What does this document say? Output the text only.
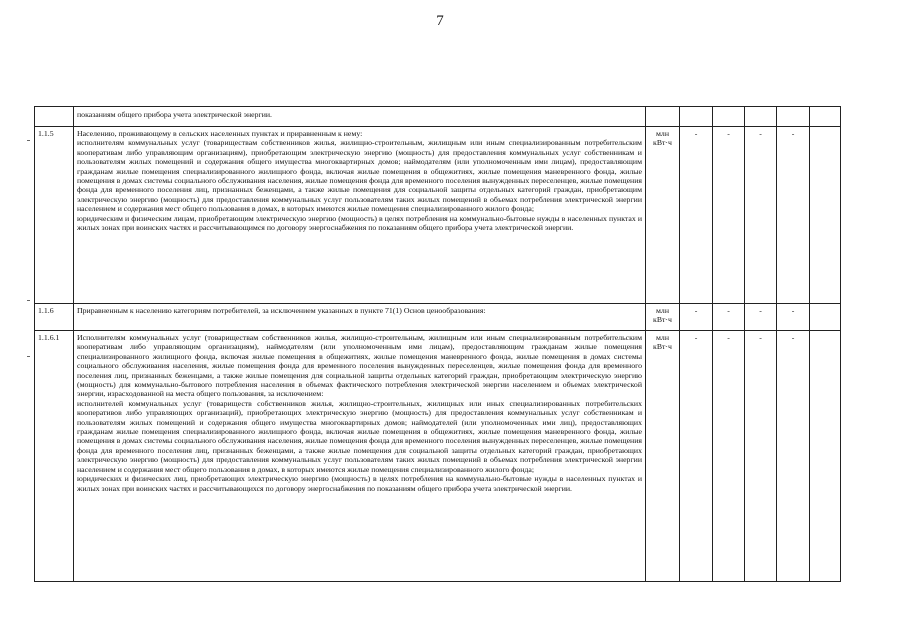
7

	показаниям общего прибора учета электрической энергии.							

1.1.5	Населению, проживающему в сельских населенных пунктах и приравненным к нему:
исполнителям коммунальных услуг (товариществам собственников жилья, жилищно-строительным, жилищным или иным специализированным потребительским кооперативам либо управляющим организациям), приобретающим электрическую энергию (мощность) для предоставления коммунальных услуг собственникам и пользователям жилых помещений и содержания общего имущества многоквартирных домов; наймодателям (или уполномоченным ими лицам), предоставляющим гражданам жилые помещения специализированного жилищного фонда, включая жилые помещения в общежитиях, жилые помещения маневренного фонда, жилые помещения в домах системы социального обслуживания населения, жилые помещения фонда для временного поселения вынужденных переселенцев, жилые помещения фонда для временного поселения лиц, признанных беженцами, а также жилые помещения для социальной защиты отдельных категорий граждан, приобретающим электрическую энергию (мощность) для предоставления коммунальных услуг пользователям таких жилых помещений в объемах потребления электрической энергии населением и содержания мест общего пользования в домах, в которых имеются жилые помещения специализированного жилого фонда;
юридическим и физическим лицам, приобретающим электрическую энергию (мощность) в целях потребления на коммунально-бытовые нужды в населенных пунктах и жилых зонах при воинских частях и рассчитывающимся по договору энергоснабжения по показаниям общего прибора учета электрической энергии.	млн кВт·ч	-	-	-	-		
1.1.6	Приравненным к населению категориям потребителей, за исключением указанных в пункте 71(1) Основ ценообразования:	млн кВт·ч	-	-	-	-		
1.1.6.1	Исполнителям коммунальных услуг (товариществам собственников жилья, жилищно-строительным, жилищным или иным специализированным потребительским кооперативам либо управляющим организациям), наймодателям (или уполномоченным ими лицам), предоставляющим гражданам жилые помещения специализированного жилищного фонда, включая жилые помещения в общежитиях, жилые помещения маневренного фонда, жилые помещения в домах системы социального обслуживания населения, жилые помещения фонда для временного поселения вынужденных переселенцев, жилые помещения фонда для временного поселения лиц, признанных беженцами, а также жилые помещения для социальной защиты отдельных категорий граждан, приобретающим электрическую энергию (мощность) для коммунально-бытового потребления населения в объемах фактического потребления электрической энергии населением и объемах электрической энергии, израсходованной на места общего пользования, за исключением:
исполнителей коммунальных услуг (товариществ собственников жилья, жилищно-строительных, жилищных или иных специализированных потребительских кооперативов либо управляющих организаций), приобретающих электрическую энергию (мощность) для предоставления коммунальных услуг собственникам и пользователям жилых помещений и содержания общего имущества многоквартирных домов; наймодателей (или уполномоченных ими лиц), предоставляющих гражданам жилые помещения специализированного жилищного фонда, включая жилые помещения в общежитиях, жилые помещения маневренного фонда, жилые помещения в домах системы социального обслуживания населения, жилые помещения фонда для временного поселения вынужденных переселенцев, жилые помещения фонда для временного поселения лиц, признанных беженцами, а также жилые помещения для социальной защиты отдельных категорий граждан, приобретающих электрическую энергию (мощность) для предоставления коммунальных услуг пользователям таких жилых помещений в объемах потребления электрической энергии населением и содержания мест общего пользования в домах, в которых имеются жилые помещения специализированного жилого фонда;
юридических и физических лиц, приобретающих электрическую энергию (мощность) в целях потребления на коммунально-бытовые нужды в населенных пунктах и жилых зонах при воинских частях и рассчитывающихся по договору энергоснабжения по показаниям общего прибора учета электрической энергии.	млн кВт·ч	-	-	-	-		
